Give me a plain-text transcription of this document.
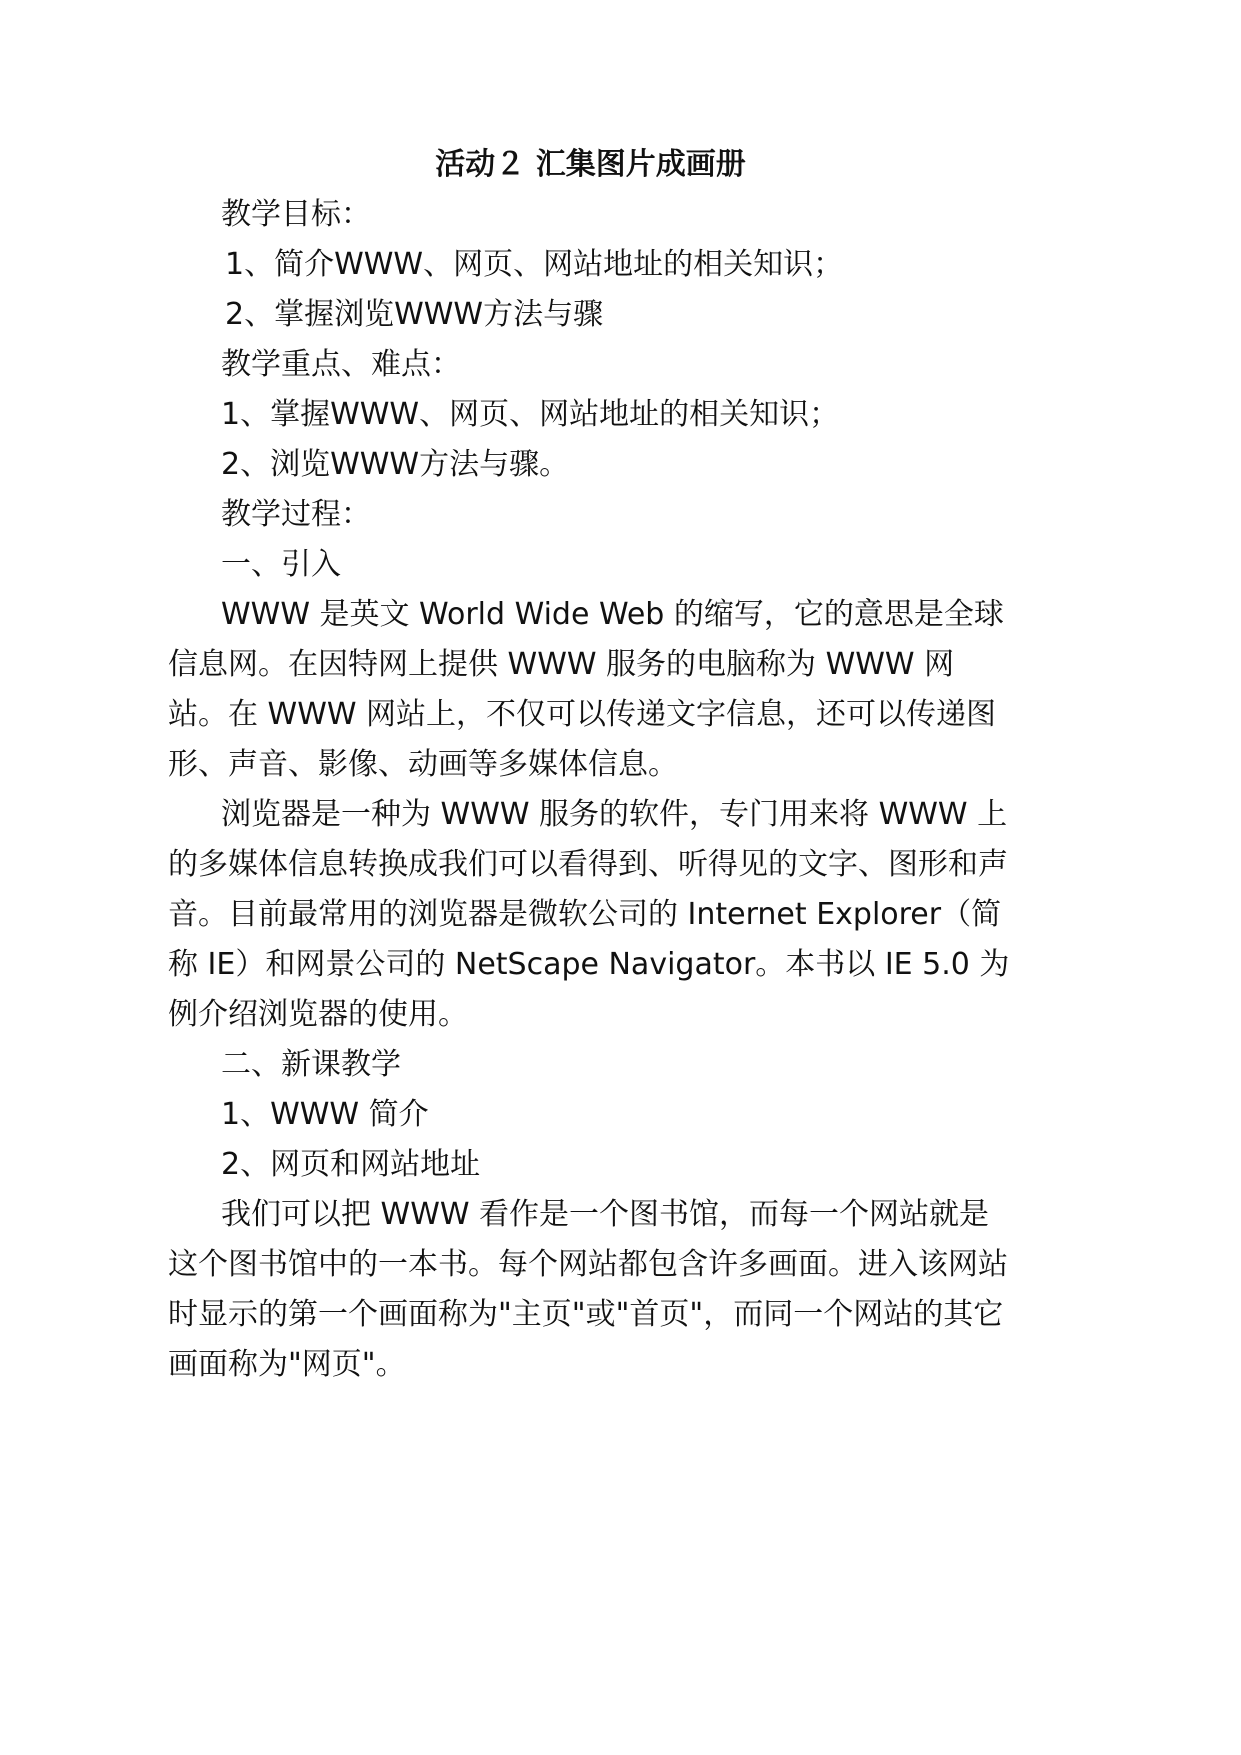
活动２ 汇集图片成画册
教学目标：
1、简介WWW、网页、网站地址的相关知识；
2、掌握浏览WWW方法与骤
教学重点、难点：
1、掌握WWW、网页、网站地址的相关知识；
2、浏览WWW方法与骤。
教学过程：
一、引入

WWW 是英文 World Wide Web 的缩写，它的意思是全球信息网。在因特网上提供 WWW 服务的电脑称为 WWW 网站。在 WWW 网站上，不仅可以传递文字信息，还可以传递图形、声音、影像、动画等多媒体信息。

浏览器是一种为 WWW 服务的软件，专门用来将 WWW 上的多媒体信息转换成我们可以看得到、听得见的文字、图形和声音。目前最常用的浏览器是微软公司的 Internet Explorer（简称 IE）和网景公司的 NetScape Navigator。本书以 IE 5.0 为例介绍浏览器的使用。

二、新课教学
1、WWW 简介
2、网页和网站地址

我们可以把 WWW 看作是一个图书馆，而每一个网站就是这个图书馆中的一本书。每个网站都包含许多画面。进入该网站时显示的第一个画面称为"主页"或"首页"，而同一个网站的其它画面称为"网页"。
